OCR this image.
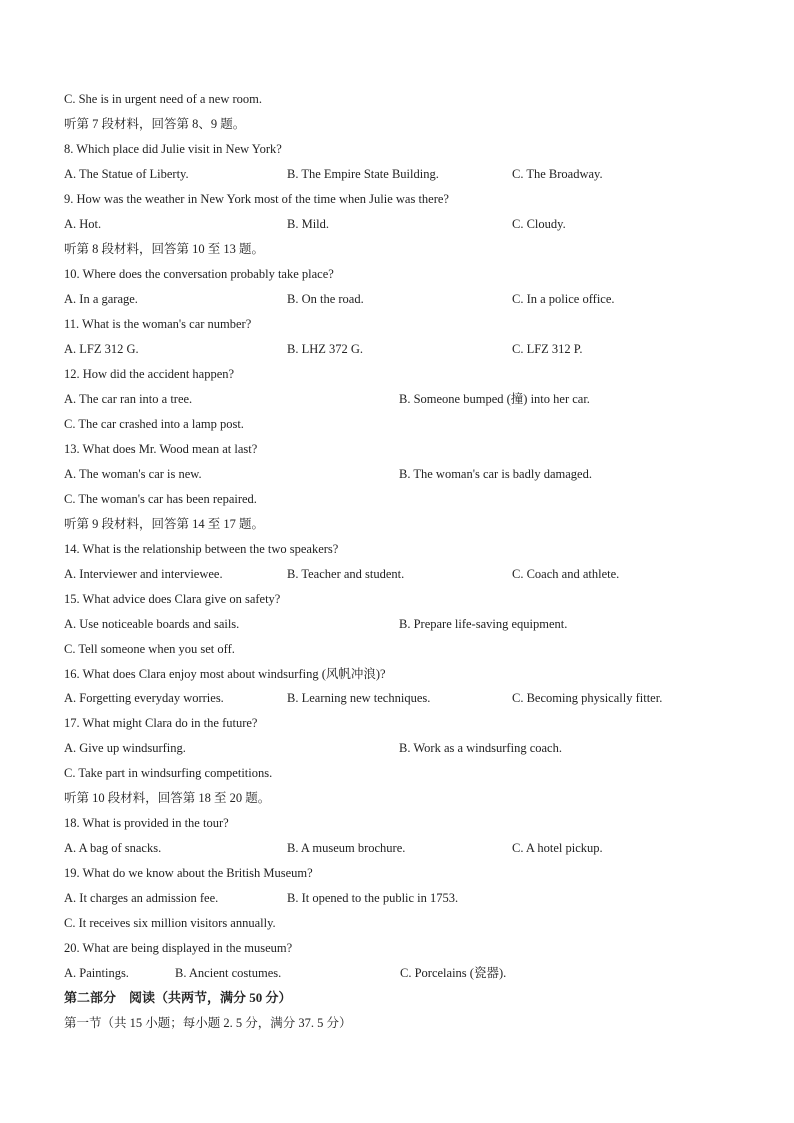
C. She is in urgent need of a new room.
听第 7 段材料，回答第 8、9 题。
8. Which place did Julie visit in New York?
A. The Statue of Liberty.	B. The Empire State Building.	C. The Broadway.
9. How was the weather in New York most of the time when Julie was there?
A. Hot.	B. Mild.	C. Cloudy.
听第 8 段材料，回答第 10 至 13 题。
10. Where does the conversation probably take place?
A. In a garage.	B. On the road.	C. In a police office.
11. What is the woman's car number?
A. LFZ 312 G.	B. LHZ 372 G.	C. LFZ 312 P.
12. How did the accident happen?
A. The car ran into a tree.	B. Someone bumped (撞) into her car.
C. The car crashed into a lamp post.
13. What does Mr. Wood mean at last?
A. The woman's car is new.	B. The woman's car is badly damaged.
C. The woman's car has been repaired.
听第 9 段材料，回答第 14 至 17 题。
14. What is the relationship between the two speakers?
A. Interviewer and interviewee.	B. Teacher and student.	C. Coach and athlete.
15. What advice does Clara give on safety?
A. Use noticeable boards and sails.	B. Prepare life-saving equipment.
C. Tell someone when you set off.
16. What does Clara enjoy most about windsurfing (风帆冲浪)?
A. Forgetting everyday worries.	B. Learning new techniques.	C. Becoming physically fitter.
17. What might Clara do in the future?
A. Give up windsurfing.	B. Work as a windsurfing coach.
C. Take part in windsurfing competitions.
听第 10 段材料，回答第 18 至 20 题。
18. What is provided in the tour?
A. A bag of snacks.	B. A museum brochure.	C. A hotel pickup.
19. What do we know about the British Museum?
A. It charges an admission fee.	B. It opened to the public in 1753.
C. It receives six million visitors annually.
20. What are being displayed in the museum?
A. Paintings.	B. Ancient costumes.	C. Porcelains (瓷器).
第二部分　阅读（共两节，满分 50 分）
第一节（共 15 小题；每小题 2. 5 分，满分 37. 5 分）
